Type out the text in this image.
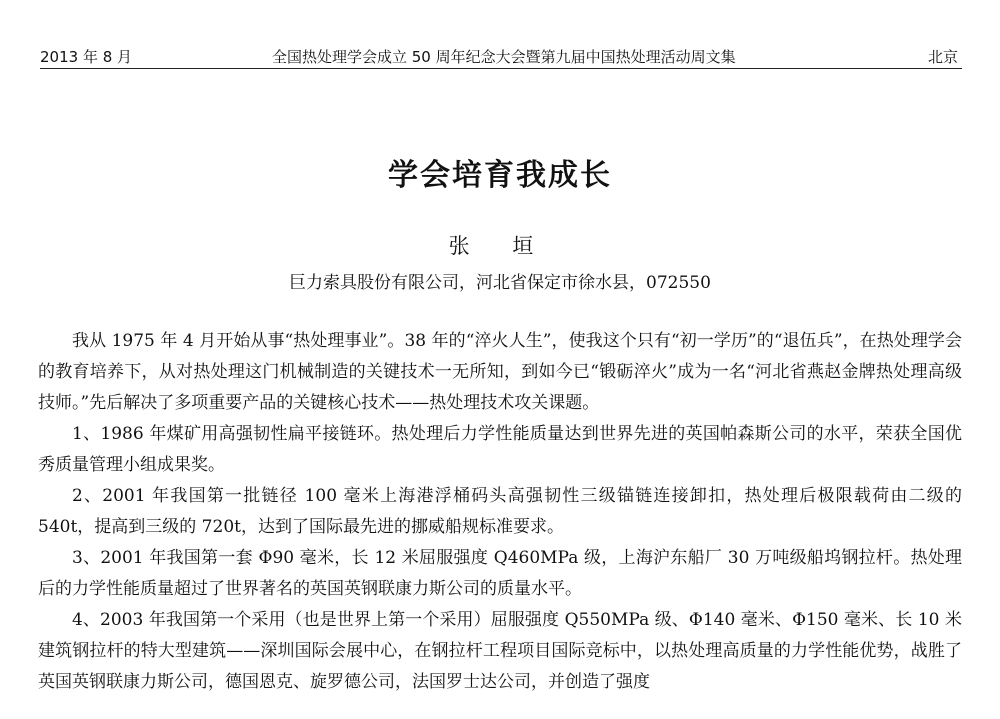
2013 年 8 月	全国热处理学会成立 50 周年纪念大会暨第九届中国热处理活动周文集	北京
学会培育我成长
张 垣
巨力索具股份有限公司，河北省保定市徐水县，072550

我从 1975 年 4 月开始从事“热处理事业”。38 年的“淬火人生”，使我这个只有“初一学历”的“退伍兵”，在热处理学会的教育培养下，从对热处理这门机械制造的关键技术一无所知，到如今已“锻砺淬火”成为一名“河北省燕赵金牌热处理高级技师。”先后解决了多项重要产品的关键核心技术——热处理技术攻关课题。

1、1986 年煤矿用高强韧性扁平接链环。热处理后力学性能质量达到世界先进的英国帕森斯公司的水平，荣获全国优秀质量管理小组成果奖。

2、2001 年我国第一批链径 100 毫米上海港浮桶码头高强韧性三级锚链连接卸扣，热处理后极限载荷由二级的 540t，提高到三级的 720t，达到了国际最先进的挪威船规标准要求。

3、2001 年我国第一套 Φ90 毫米，长 12 米屈服强度 Q460MPa 级，上海沪东船厂 30 万吨级船坞钢拉杆。热处理后的力学性能质量超过了世界著名的英国英钢联康力斯公司的质量水平。

4、2003 年我国第一个采用（也是世界上第一个采用）屈服强度 Q550MPa 级、Φ140 毫米、Φ150 毫米、长 10 米建筑钢拉杆的特大型建筑——深圳国际会展中心，在钢拉杆工程项目国际竞标中，以热处理高质量的力学性能优势，战胜了英国英钢联康力斯公司，德国恩克、旋罗德公司，法国罗士达公司，并创造了强度
